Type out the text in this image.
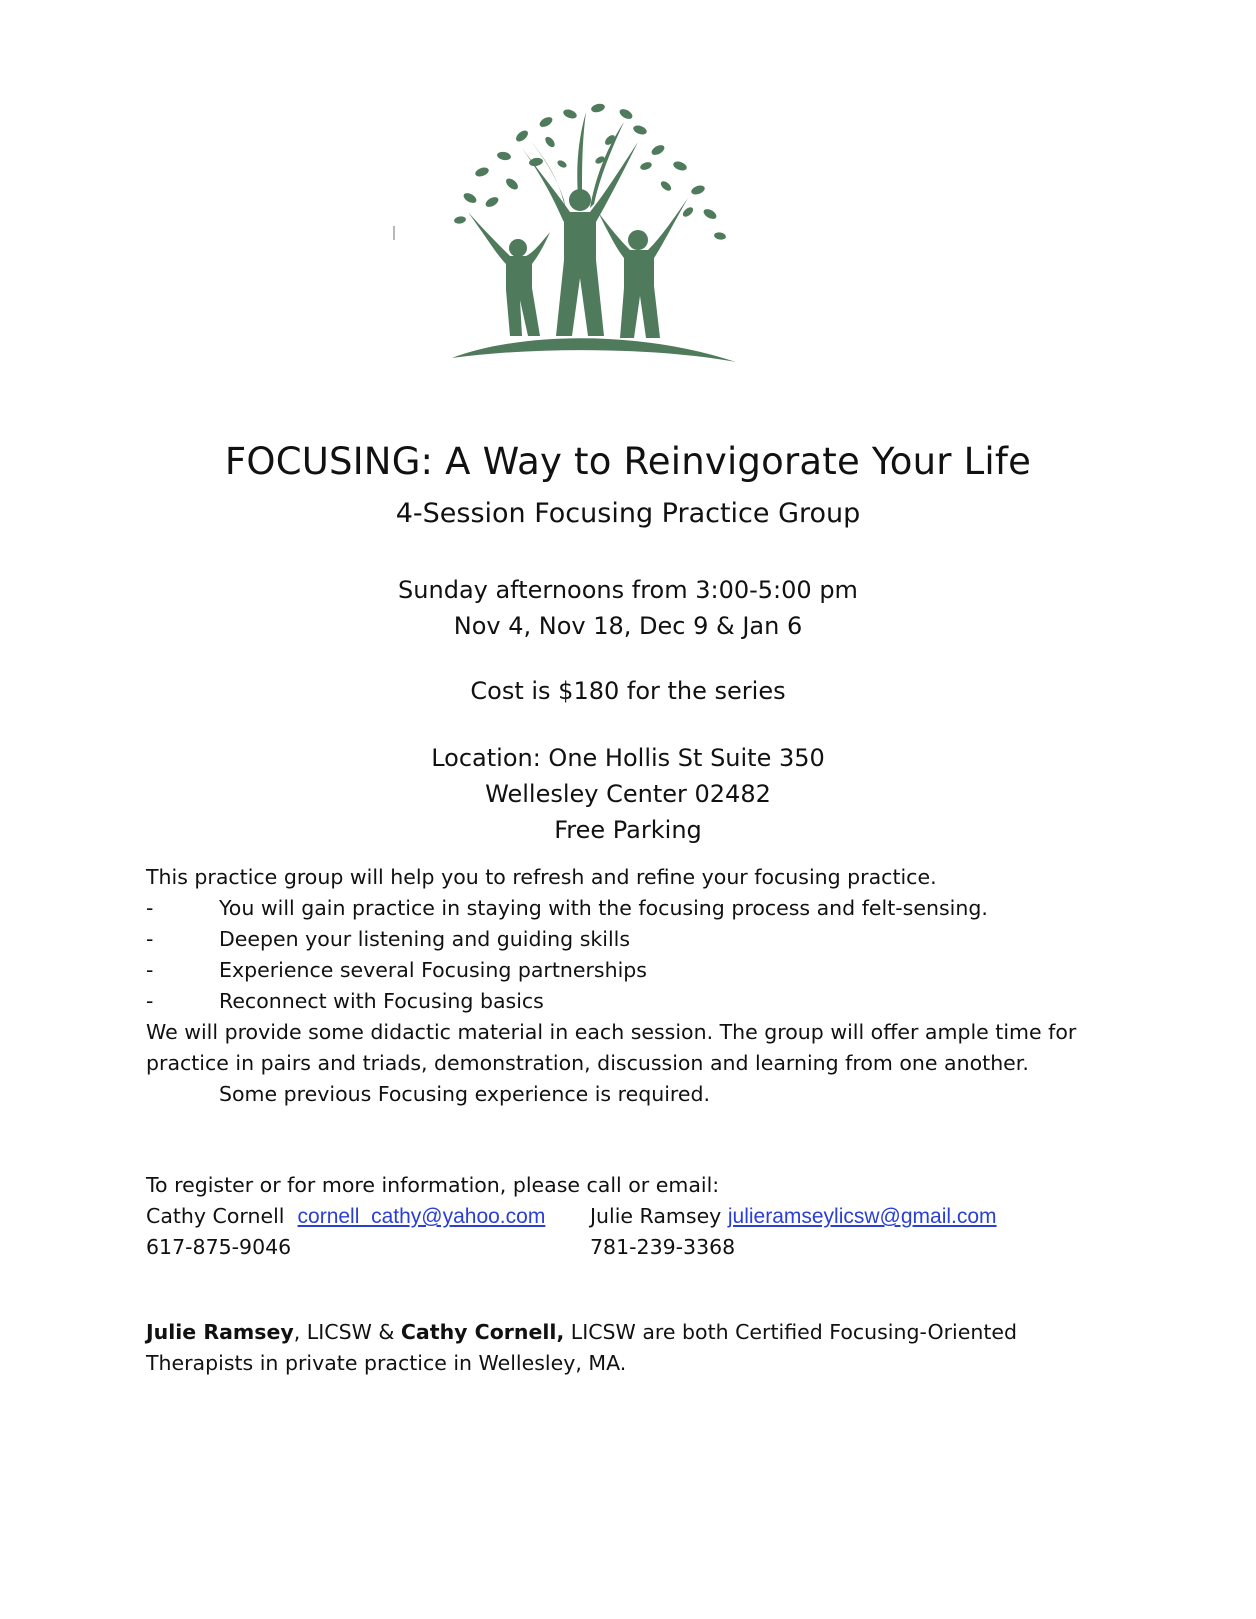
FOCUSING: A Way to Reinvigorate Your Life
4-Session Focusing Practice Group
Sunday afternoons from 3:00-5:00 pm
Nov 4, Nov 18, Dec 9 & Jan 6
Cost is $180 for the series
Location: One Hollis St Suite 350
Wellesley Center 02482
Free Parking
This practice group will help you to refresh and refine your focusing practice.
-	You will gain practice in staying with the focusing process and felt-sensing.
-	Deepen your listening and guiding skills
-	Experience several Focusing partnerships
-	Reconnect with Focusing basics
We will provide some didactic material in each session. The group will offer ample time for
practice in pairs and triads, demonstration, discussion and learning from one another.
Some previous Focusing experience is required.
To register or for more information, please call or email:
Cathy Cornell cornell_cathy@yahoo.com Julie Ramsey julieramseylicsw@gmail.com
617-875-9046	781-239-3368
Julie Ramsey, LICSW & Cathy Cornell, LICSW are both Certified Focusing-Oriented
Therapists in private practice in Wellesley, MA.
